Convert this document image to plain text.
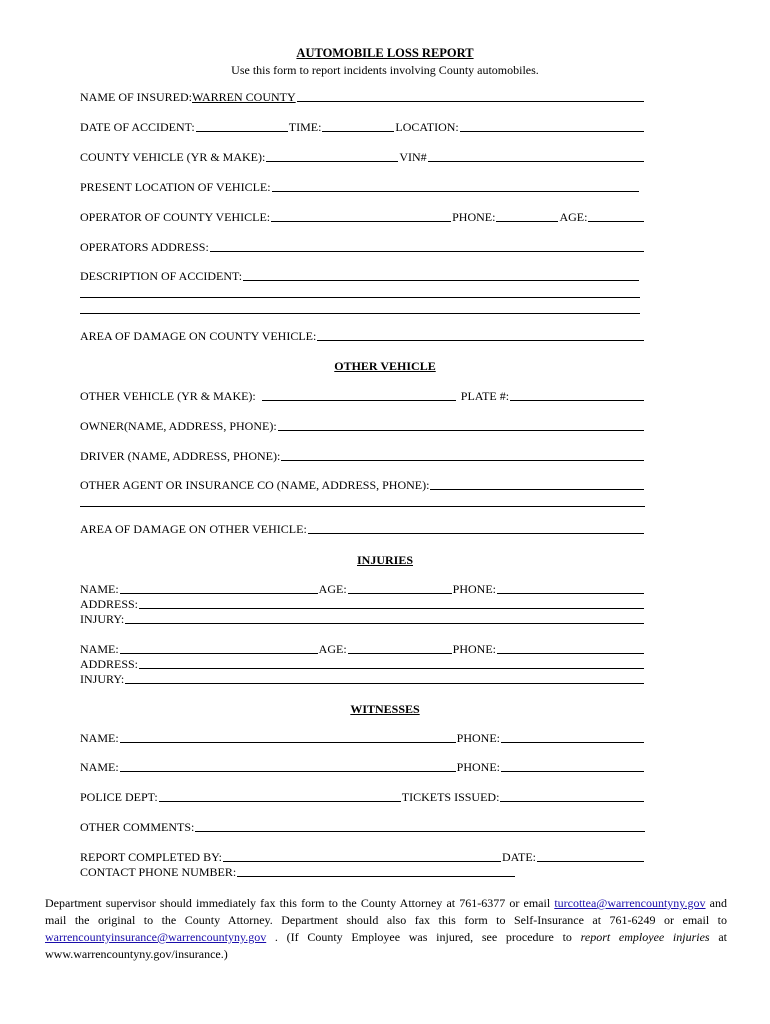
AUTOMOBILE LOSS REPORT
Use this form to report incidents involving County automobiles.
NAME OF INSURED: WARREN COUNTY
DATE OF ACCIDENT:	TIME:	LOCATION:
COUNTY VEHICLE (YR & MAKE):	VIN#
PRESENT LOCATION OF VEHICLE:
OPERATOR OF COUNTY VEHICLE:	PHONE:	AGE:
OPERATORS ADDRESS:
DESCRIPTION OF ACCIDENT:
AREA OF DAMAGE ON COUNTY VEHICLE:
OTHER VEHICLE
OTHER VEHICLE (YR & MAKE):	PLATE #:
OWNER(NAME, ADDRESS, PHONE):
DRIVER (NAME, ADDRESS, PHONE):
OTHER AGENT OR INSURANCE CO (NAME, ADDRESS, PHONE):
AREA OF DAMAGE ON OTHER VEHICLE:
INJURIES
NAME:	AGE:	PHONE:
ADDRESS:
INJURY:
NAME:	AGE:	PHONE:
ADDRESS:
INJURY:
WITNESSES
NAME:	PHONE:
NAME:	PHONE:
POLICE DEPT:	TICKETS ISSUED:
OTHER COMMENTS:
REPORT COMPLETED BY:	DATE:
CONTACT PHONE NUMBER:
Department supervisor should immediately fax this form to the County Attorney at 761-6377 or email turcottea@warrencountyny.gov and mail the original to the County Attorney. Department should also fax this form to Self-Insurance at 761-6249 or email to warrencountyinsurance@warrencountyny.gov . (If County Employee was injured, see procedure to report employee injuries at www.warrencountyny.gov/insurance.)
